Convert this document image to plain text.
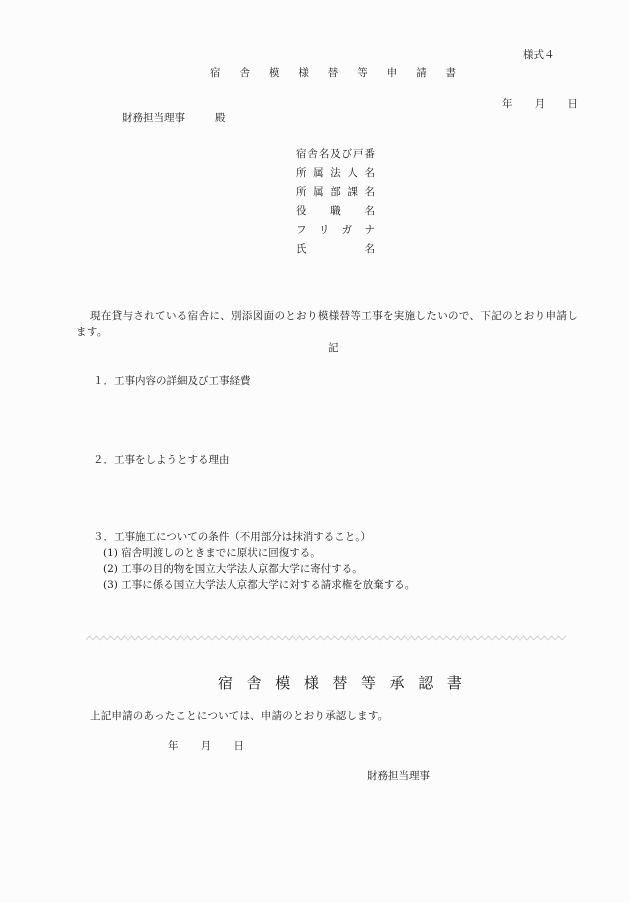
様式４
宿 舎 模 様 替 等 申 請 書
年 月 日
財務担当理事	殿
宿 舎 名 及 び 戸 番
所 属 法 人 名
所 属 部 課 名
役 職 名
フ リ ガ ナ
氏	名
現在貸与されている宿舎に、別添図面のとおり模様替等工事を実施したいので、下記のとおり申請します。
記
１．工事内容の詳細及び工事経費
２．工事をしようとする理由
３．工事施工についての条件（不用部分は抹消すること。）
(1) 宿舎明渡しのときまでに原状に回復する。
(2) 工事の目的物を国立大学法人京都大学に寄付する。
(3) 工事に係る国立大学法人京都大学に対する請求権を放棄する。
宿 舎 模 様 替 等 承 認 書
上記申請のあったことについては、申請のとおり承認します。
年 月 日
財務担当理事
